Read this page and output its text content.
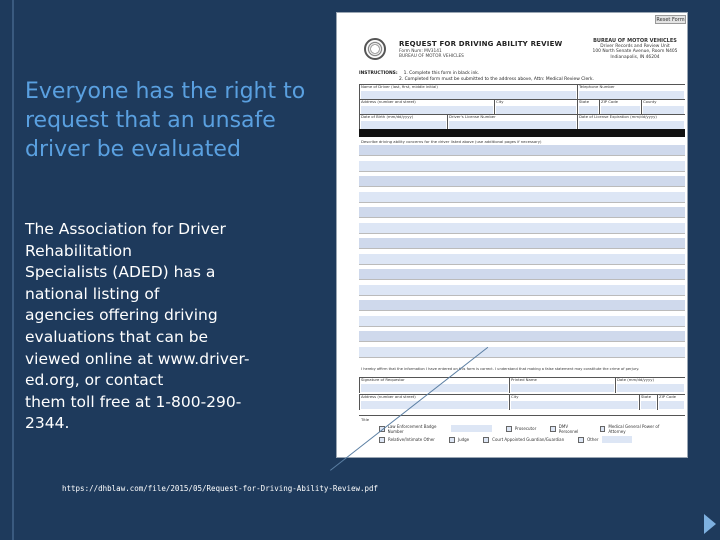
Everyone has the right to request that an unsafe driver be evaluated
The Association for Driver
Rehabilitation
Specialists (ADED) has a
national listing of
agencies offering driving
evaluations that can be
viewed online at www.driver-
ed.org, or contact
them toll free at 1-800-290-
2344.
https://dhblaw.com/file/2015/05/Request-for-Driving-Ability-Review.pdf
Reset Form
REQUEST FOR DRIVING ABILITY REVIEW
Form Num: MV3141
BUREAU OF MOTOR VEHICLES
BUREAU OF MOTOR VEHICLES
Driver Records and Review Unit
100 North Senate Avenue, Room N405
Indianapolis, IN 46204
INSTRUCTIONS: 1. Complete this form in black ink.
2. Completed form must be submitted to the address above, Attn: Medical Review Clerk.
Name of Driver (last, first, middle initial)	Telephone Number
Address (number and street)	City	State	ZIP Code	County
Date of Birth (mm/dd/yyyy)	Driver's License Number	Date of License Expiration (mm/dd/yyyy)
Describe driving ability concerns for the driver listed above (use additional pages if necessary)
I hereby affirm that the information I have entered on this form is correct. I understand that making a false statement may constitute the crime of perjury.
Signature of Requestor	Printed Name	Date (mm/dd/yyyy)
Address (number and street)	City	State	ZIP Code
Title
Law Enforcement Badge Number	Prosecutor	DMV Personnel
Medical General Power of Attorney
Relative/Intimate Other	Judge	Court Appointed Guardian/Guardian	Other
